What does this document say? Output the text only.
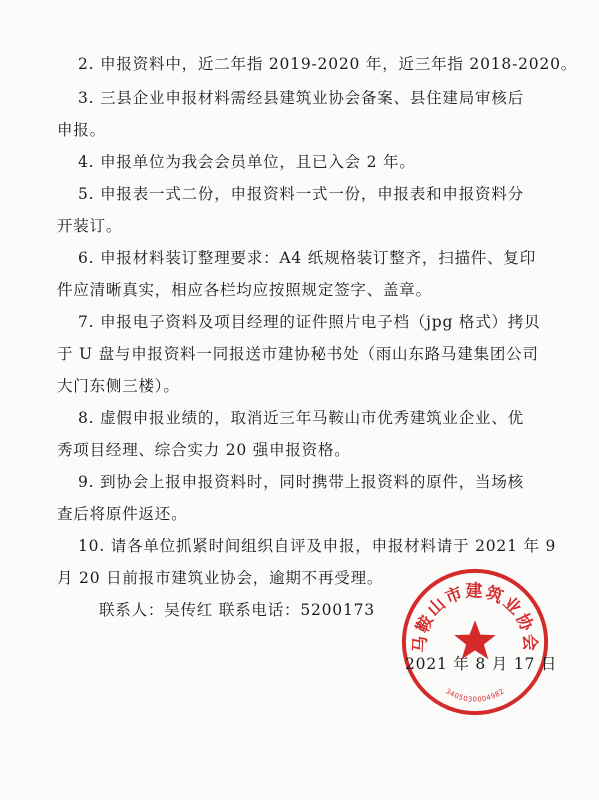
2. 申报资料中，近二年指 2019-2020 年，近三年指 2018-2020。
3. 三县企业申报材料需经县建筑业协会备案、县住建局审核后
申报。
4. 申报单位为我会会员单位，且已入会 2 年。
5. 申报表一式二份，申报资料一式一份，申报表和申报资料分
开装订。
6. 申报材料装订整理要求：A4 纸规格装订整齐，扫描件、复印
件应清晰真实，相应各栏均应按照规定签字、盖章。
7. 申报电子资料及项目经理的证件照片电子档（jpg 格式）拷贝
于 U 盘与申报资料一同报送市建协秘书处（雨山东路马建集团公司
大门东侧三楼）。
8. 虚假申报业绩的，取消近三年马鞍山市优秀建筑业企业、优
秀项目经理、综合实力 20 强申报资格。
9. 到协会上报申报资料时，同时携带上报资料的原件，当场核
查后将原件返还。
10. 请各单位抓紧时间组织自评及申报，申报材料请于 2021 年 9
月 20 日前报市建筑业协会，逾期不再受理。
联系人：吴传红 联系电话：5200173
马鞍山市建筑业协会
3405030004982
2021 年 8 月 17 日
